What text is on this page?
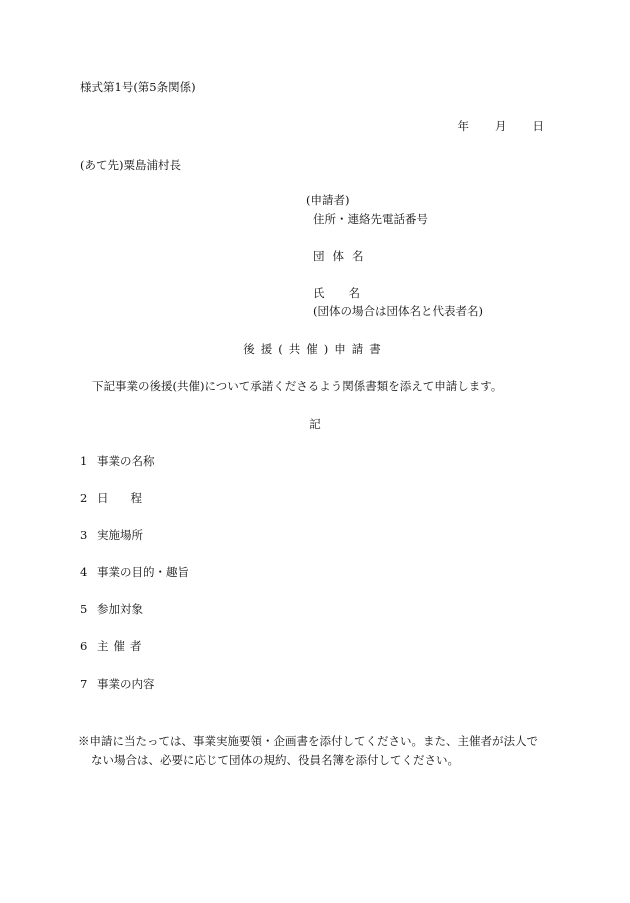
様式第1号(第5条関係)
年 月 日
(あて先)粟島浦村長
(申請者)
住所・連絡先電話番号
団体名
氏 名
(団体の場合は団体名と代表者名)
後援(共催)申請書
下記事業の後援(共催)について承諾くださるよう関係書類を添えて申請します。
記
1 事業の名称
2 日 程
3 実施場所
4 事業の目的・趣旨
5 参加対象
6 主催者
7 事業の内容
※申請に当たっては、事業実施要領・企画書を添付してください。また、主催者が法人で
ない場合は、必要に応じて団体の規約、役員名簿を添付してください。
